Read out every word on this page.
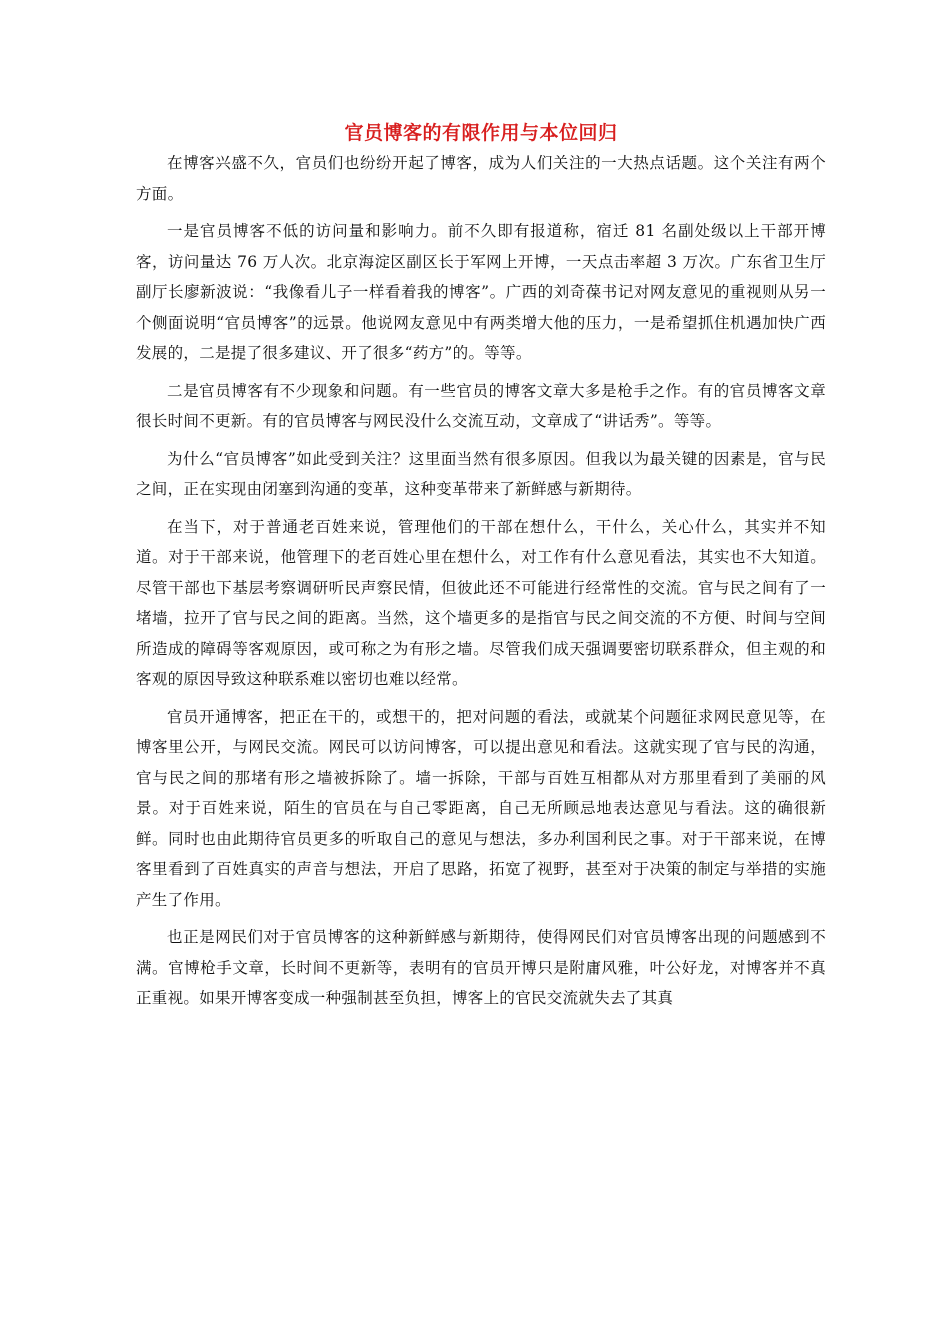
官员博客的有限作用与本位回归

在博客兴盛不久，官员们也纷纷开起了博客，成为人们关注的一大热点话题。这个关注有两个方面。

一是官员博客不低的访问量和影响力。前不久即有报道称，宿迁 81 名副处级以上干部开博客，访问量达 76 万人次。北京海淀区副区长于军网上开博，一天点击率超 3 万次。广东省卫生厅副厅长廖新波说：“我像看儿子一样看着我的博客”。广西的刘奇葆书记对网友意见的重视则从另一个侧面说明“官员博客”的远景。他说网友意见中有两类增大他的压力，一是希望抓住机遇加快广西发展的，二是提了很多建议、开了很多“药方”的。等等。

二是官员博客有不少现象和问题。有一些官员的博客文章大多是枪手之作。有的官员博客文章很长时间不更新。有的官员博客与网民没什么交流互动，文章成了“讲话秀”。等等。

为什么“官员博客”如此受到关注？这里面当然有很多原因。但我以为最关键的因素是，官与民之间，正在实现由闭塞到沟通的变革，这种变革带来了新鲜感与新期待。

在当下，对于普通老百姓来说，管理他们的干部在想什么，干什么，关心什么，其实并不知道。对于干部来说，他管理下的老百姓心里在想什么，对工作有什么意见看法，其实也不大知道。尽管干部也下基层考察调研听民声察民情，但彼此还不可能进行经常性的交流。官与民之间有了一堵墙，拉开了官与民之间的距离。当然，这个墙更多的是指官与民之间交流的不方便、时间与空间所造成的障碍等客观原因，或可称之为有形之墙。尽管我们成天强调要密切联系群众，但主观的和客观的原因导致这种联系难以密切也难以经常。

官员开通博客，把正在干的，或想干的，把对问题的看法，或就某个问题征求网民意见等，在博客里公开，与网民交流。网民可以访问博客，可以提出意见和看法。这就实现了官与民的沟通，官与民之间的那堵有形之墙被拆除了。墙一拆除，干部与百姓互相都从对方那里看到了美丽的风景。对于百姓来说，陌生的官员在与自己零距离，自己无所顾忌地表达意见与看法。这的确很新鲜。同时也由此期待官员更多的听取自己的意见与想法，多办利国利民之事。对于干部来说，在博客里看到了百姓真实的声音与想法，开启了思路，拓宽了视野，甚至对于决策的制定与举措的实施产生了作用。

也正是网民们对于官员博客的这种新鲜感与新期待，使得网民们对官员博客出现的问题感到不满。官博枪手文章，长时间不更新等，表明有的官员开博只是附庸风雅，叶公好龙，对博客并不真正重视。如果开博客变成一种强制甚至负担，博客上的官民交流就失去了其真
